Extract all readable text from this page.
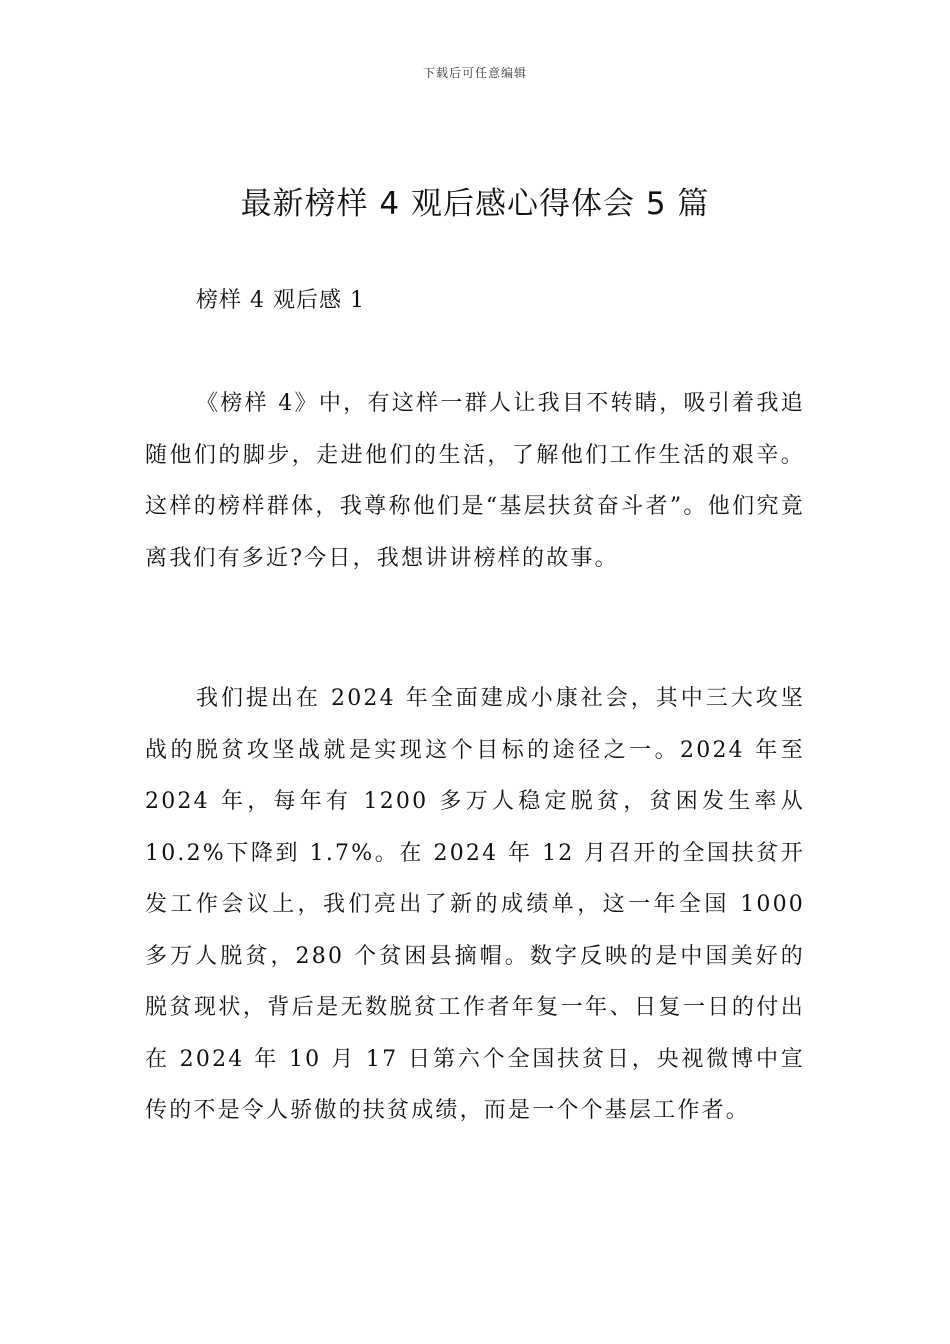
下载后可任意编辑
最新榜样 4 观后感心得体会 5 篇
榜样 4 观后感 1

《榜样 4》中，有这样一群人让我目不转睛，吸引着我追随他们的脚步，走进他们的生活，了解他们工作生活的艰辛。这样的榜样群体，我尊称他们是“基层扶贫奋斗者”。他们究竟离我们有多近?今日，我想讲讲榜样的故事。

我们提出在 2024 年全面建成小康社会，其中三大攻坚战的脱贫攻坚战就是实现这个目标的途径之一。2024 年至 2024 年，每年有 1200 多万人稳定脱贫，贫困发生率从 10.2%下降到 1.7%。在 2024 年 12 月召开的全国扶贫开发工作会议上，我们亮出了新的成绩单，这一年全国 1000 多万人脱贫，280 个贫困县摘帽。数字反映的是中国美好的脱贫现状，背后是无数脱贫工作者年复一年、日复一日的付出在 2024 年 10 月 17 日第六个全国扶贫日，央视微博中宣传的不是令人骄傲的扶贫成绩，而是一个个基层工作者。
